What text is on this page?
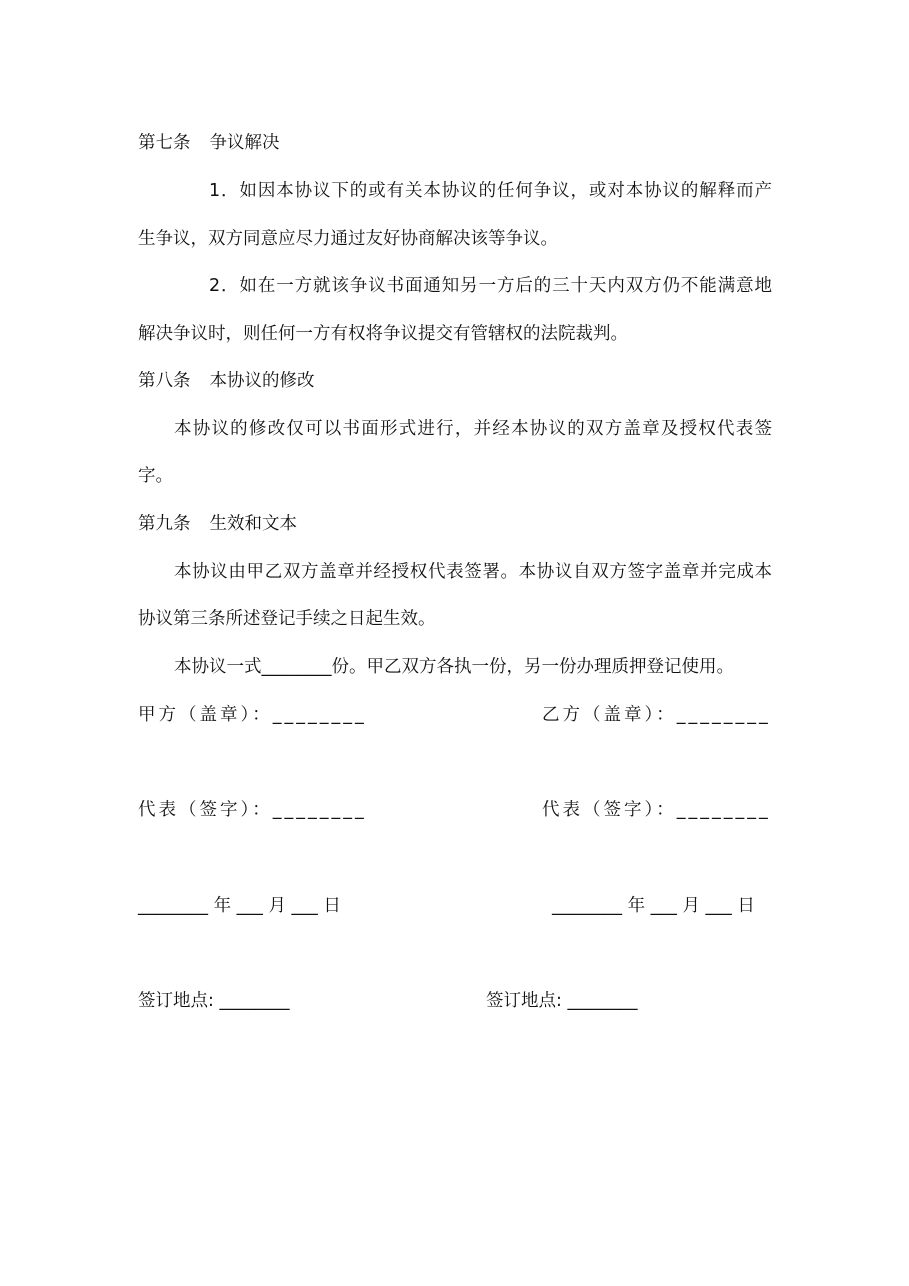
第七条 争议解决
1．如因本协议下的或有关本协议的任何争议，或对本协议的解释而产
生争议，双方同意应尽力通过友好协商解决该等争议。
2．如在一方就该争议书面通知另一方后的三十天内双方仍不能满意地
解决争议时，则任何一方有权将争议提交有管辖权的法院裁判。
第八条 本协议的修改
本协议的修改仅可以书面形式进行，并经本协议的双方盖章及授权代表签
字。
第九条 生效和文本
本协议由甲乙双方盖章并经授权代表签署。本协议自双方签字盖章并完成本
协议第三条所述登记手续之日起生效。
本协议一式________份。甲乙双方各执一份，另一份办理质押登记使用。
甲方（盖章）：________	乙方（盖章）：________
代表（签字）：________	代表（签字）：________
________ 年 ___ 月 ___ 日	________ 年 ___ 月 ___ 日
签订地点: ________	签订地点: ________
